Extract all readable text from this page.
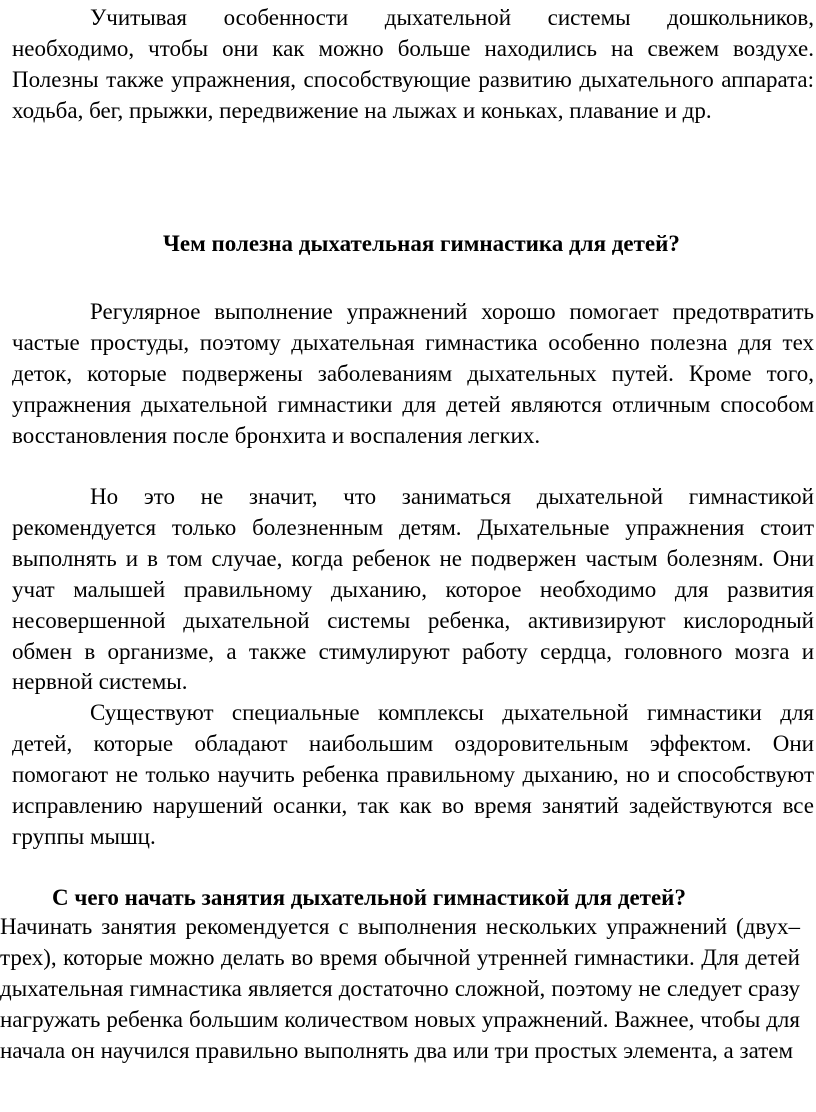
Учитывая особенности дыхательной системы дошкольников, необходимо, чтобы они как можно больше находились на свежем воздухе. Полезны также упражнения, способствующие развитию дыхательного аппарата: ходьба, бег, прыжки, передвижение на лыжах и коньках, плавание и др.

Чем полезна дыхательная гимнастика для детей?

Регулярное выполнение упражнений хорошо помогает предотвратить частые простуды, поэтому дыхательная гимнастика особенно полезна для тех деток, которые подвержены заболеваниям дыхательных путей. Кроме того, упражнения дыхательной гимнастики для детей являются отличным способом восстановления после бронхита и воспаления легких.

Но это не значит, что заниматься дыхательной гимнастикой рекомендуется только болезненным детям. Дыхательные упражнения стоит выполнять и в том случае, когда ребенок не подвержен частым болезням. Они учат малышей правильному дыханию, которое необходимо для развития несовершенной дыхательной системы ребенка, активизируют кислородный обмен в организме, а также стимулируют работу сердца, головного мозга и нервной системы.

Существуют специальные комплексы дыхательной гимнастики для детей, которые обладают наибольшим оздоровительным эффектом. Они помогают не только научить ребенка правильному дыханию, но и способствуют исправлению нарушений осанки, так как во время занятий задействуются все группы мышц.

С чего начать занятия дыхательной гимнастикой для детей?

Начинать занятия рекомендуется с выполнения нескольких упражнений (двух–трех), которые можно делать во время обычной утренней гимнастики. Для детей дыхательная гимнастика является достаточно сложной, поэтому не следует сразу нагружать ребенка большим количеством новых упражнений. Важнее, чтобы для начала он научился правильно выполнять два или три простых элемента, а затем
